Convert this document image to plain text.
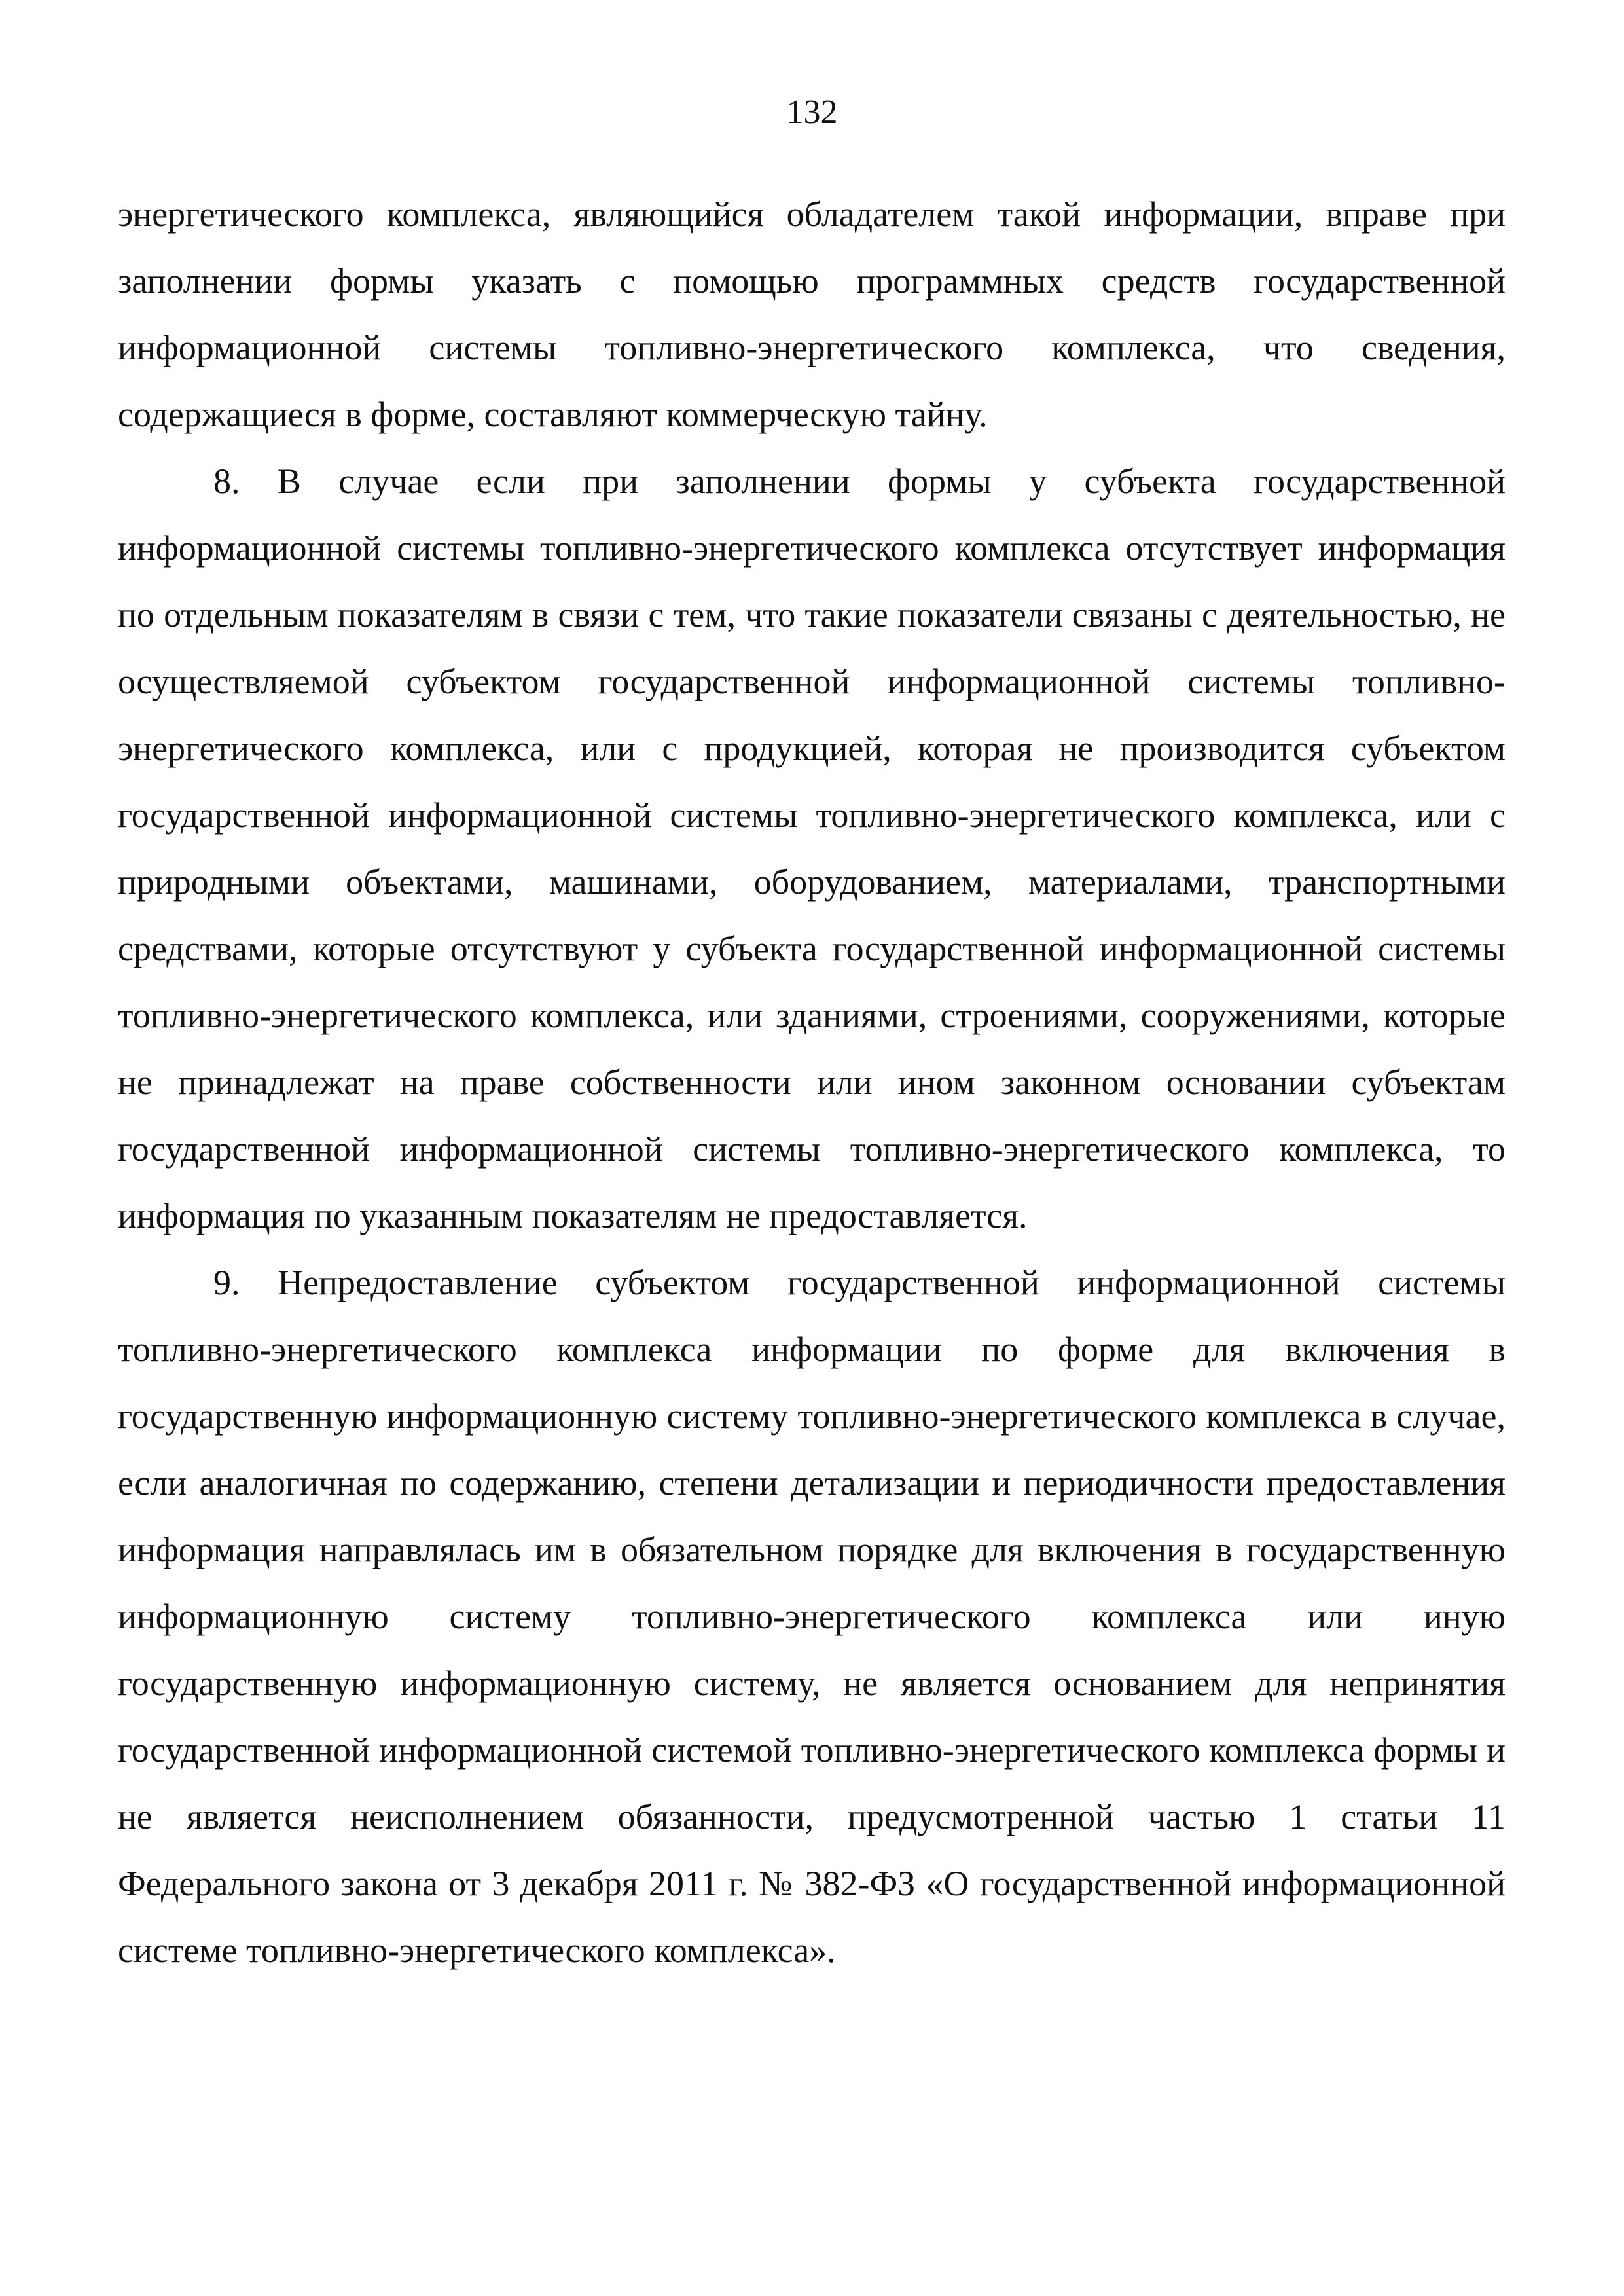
132

энергетического комплекса, являющийся обладателем такой информации, вправе при заполнении формы указать с помощью программных средств государственной информационной системы топливно-энергетического комплекса, что сведения, содержащиеся в форме, составляют коммерческую тайну.

8. В случае если при заполнении формы у субъекта государственной информационной системы топливно-энергетического комплекса отсутствует информация по отдельным показателям в связи с тем, что такие показатели связаны с деятельностью, не осуществляемой субъектом государственной информационной системы топливно-энергетического комплекса, или с продукцией, которая не производится субъектом государственной информационной системы топливно-энергетического комплекса, или с природными объектами, машинами, оборудованием, материалами, транспортными средствами, которые отсутствуют у субъекта государственной информационной системы топливно-энергетического комплекса, или зданиями, строениями, сооружениями, которые не принадлежат на праве собственности или ином законном основании субъектам государственной информационной системы топливно-энергетического комплекса, то информация по указанным показателям не предоставляется.

9. Непредоставление субъектом государственной информационной системы топливно-энергетического комплекса информации по форме для включения в государственную информационную систему топливно-энергетического комплекса в случае, если аналогичная по содержанию, степени детализации и периодичности предоставления информация направлялась им в обязательном порядке для включения в государственную информационную систему топливно-энергетического комплекса или иную государственную информационную систему, не является основанием для непринятия государственной информационной системой топливно-энергетического комплекса формы и не является неисполнением обязанности, предусмотренной частью 1 статьи 11 Федерального закона от 3 декабря 2011 г. № 382-ФЗ «О государственной информационной системе топливно-энергетического комплекса».
